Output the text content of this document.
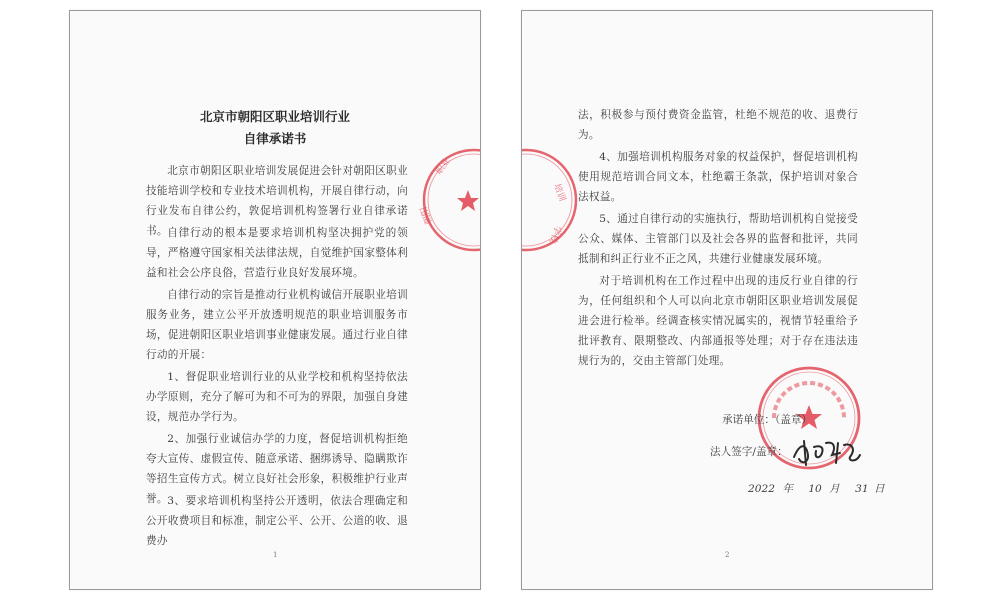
北京市朝阳区职业培训行业
自律承诺书

北京市朝阳区职业培训发展促进会针对朝阳区职业技能培训学校和专业技术培训机构，开展自律行动，向行业发布自律公约，敦促培训机构签署行业自律承诺书。 自律行动的根本是要求培训机构坚决拥护党的领导，严格遵守国家相关法律法规，自觉维护国家整体利益和社会公序良俗，营造行业良好发展环境。

自律行动的宗旨是推动行业机构诚信开展职业培训服务业务，建立公平开放透明规范的职业培训服务市场，促进朝阳区职业培训事业健康发展。通过行业自律行动的开展：

1、督促职业培训行业的从业学校和机构坚持依法办学原则，充分了解可为和不可为的界限，加强自身建设，规范办学行为。

2、加强行业诚信办学的力度，督促培训机构拒绝夸大宣传、虚假宣传、随意承诺、捆绑诱导、隐瞒欺诈等招生宣传方式。树立良好社会形象，积极维护行业声誉。 3、要求培训机构坚持公开透明，依法合理确定和公开收费项目和标准，制定公平、公开、公道的收、退费办

职业
朝阳
1
培训
学校

法，积极参与预付费资金监管，杜绝不规范的收、退费行为。

4、加强培训机构服务对象的权益保护，督促培训机构使用规范培训合同文本，杜绝霸王条款，保护培训对象合法权益。

5、通过自律行动的实施执行，帮助培训机构自觉接受公众、媒体、主管部门以及社会各界的监督和批评，共同抵制和纠正行业不正之风，共建行业健康发展环境。

对于培训机构在工作过程中出现的违反行业自律的行为，任何组织和个人可以向北京市朝阳区职业培训发展促进会进行检举。经调查核实情况属实的，视情节轻重给予批评教育、限期整改、内部通报等处理；对于存在违法违规行为的，交由主管部门处理。

承诺单位：（盖章）
法人签字/盖章：
2022 年 10 月 31 日
2
